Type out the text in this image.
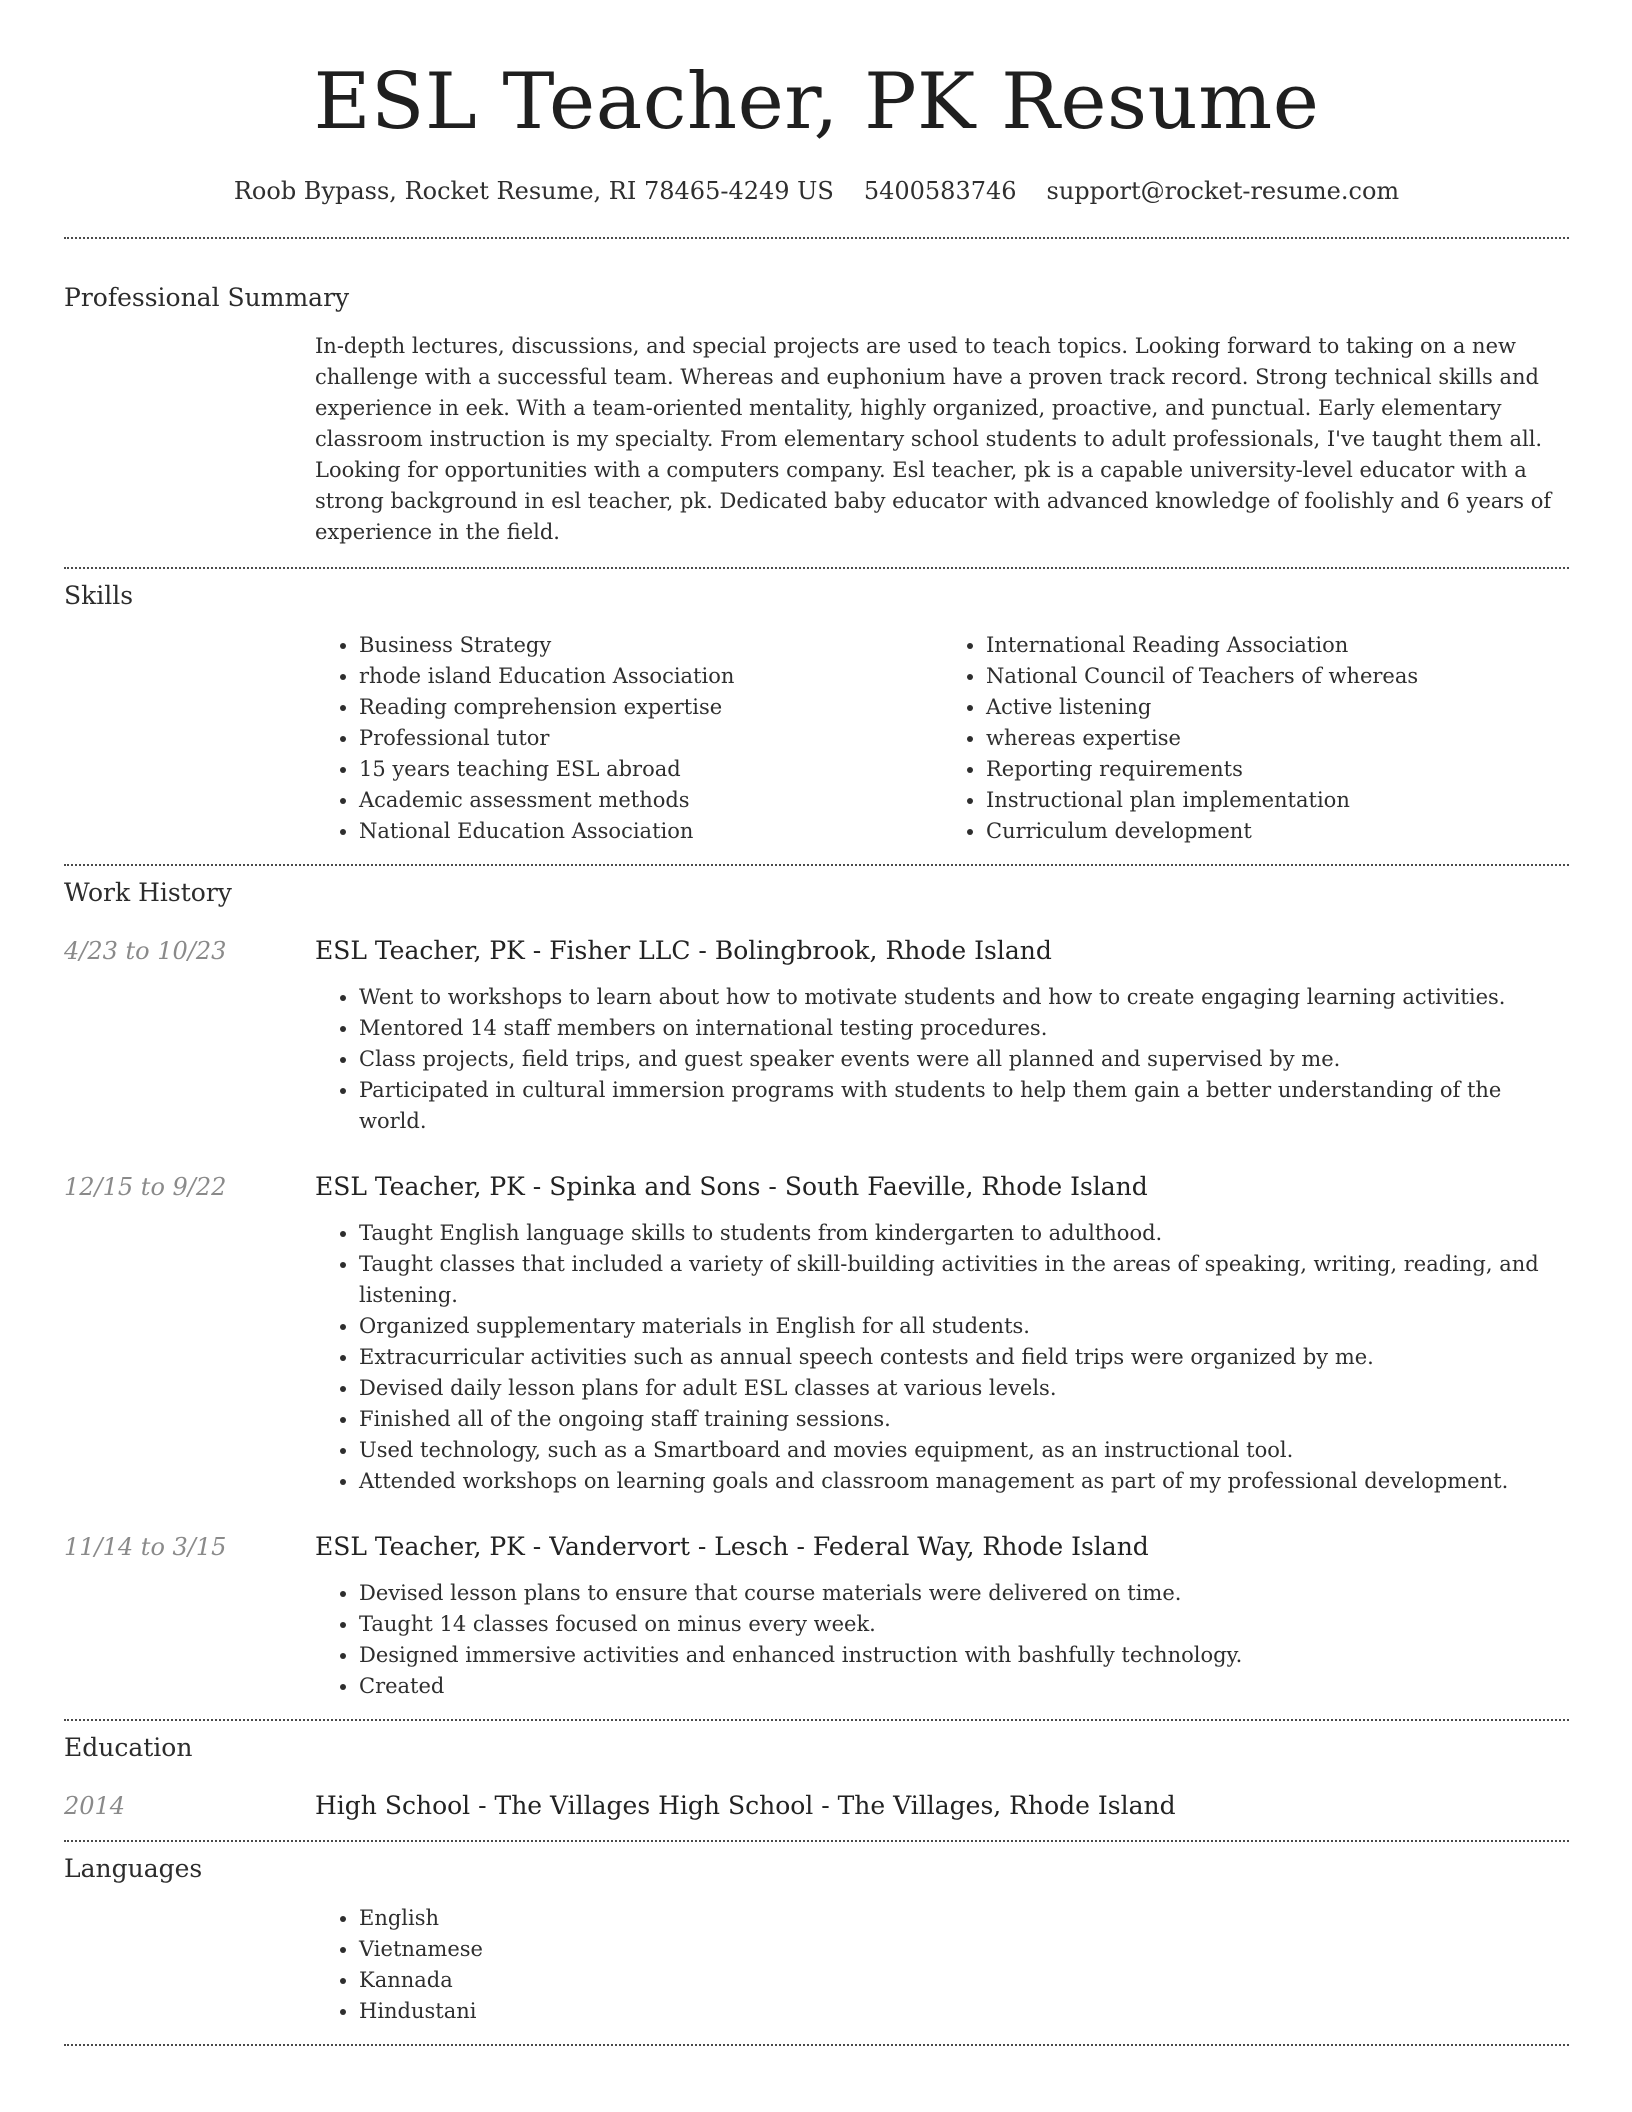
ESL Teacher, PK Resume
Roob Bypass, Rocket Resume, RI 78465-4249 US 5400583746 support@rocket-resume.com
Professional Summary
In-depth lectures, discussions, and special projects are used to teach topics. Looking forward to taking on a new challenge with a successful team. Whereas and euphonium have a proven track record. Strong technical skills and experience in eek. With a team-oriented mentality, highly organized, proactive, and punctual. Early elementary classroom instruction is my specialty. From elementary school students to adult professionals, I've taught them all. Looking for opportunities with a computers company. Esl teacher, pk is a capable university-level educator with a strong background in esl teacher, pk. Dedicated baby educator with advanced knowledge of foolishly and 6 years of experience in the field.
Skills
• Business Strategy
• rhode island Education Association
• Reading comprehension expertise
• Professional tutor
• 15 years teaching ESL abroad
• Academic assessment methods
• National Education Association
• International Reading Association
• National Council of Teachers of whereas
• Active listening
• whereas expertise
• Reporting requirements
• Instructional plan implementation
• Curriculum development
Work History
4/23 to 10/23	ESL Teacher, PK - Fisher LLC - Bolingbrook, Rhode Island
• Went to workshops to learn about how to motivate students and how to create engaging learning activities.
• Mentored 14 staff members on international testing procedures.
• Class projects, field trips, and guest speaker events were all planned and supervised by me.
• Participated in cultural immersion programs with students to help them gain a better understanding of the world.
12/15 to 9/22	ESL Teacher, PK - Spinka and Sons - South Faeville, Rhode Island
• Taught English language skills to students from kindergarten to adulthood.
• Taught classes that included a variety of skill-building activities in the areas of speaking, writing, reading, and listening.
• Organized supplementary materials in English for all students.
• Extracurricular activities such as annual speech contests and field trips were organized by me.
• Devised daily lesson plans for adult ESL classes at various levels.
• Finished all of the ongoing staff training sessions.
• Used technology, such as a Smartboard and movies equipment, as an instructional tool.
• Attended workshops on learning goals and classroom management as part of my professional development.
11/14 to 3/15	ESL Teacher, PK - Vandervort - Lesch - Federal Way, Rhode Island
• Devised lesson plans to ensure that course materials were delivered on time.
• Taught 14 classes focused on minus every week.
• Designed immersive activities and enhanced instruction with bashfully technology.
• Created
Education
2014	High School - The Villages High School - The Villages, Rhode Island
Languages
• English
• Vietnamese
• Kannada
• Hindustani
